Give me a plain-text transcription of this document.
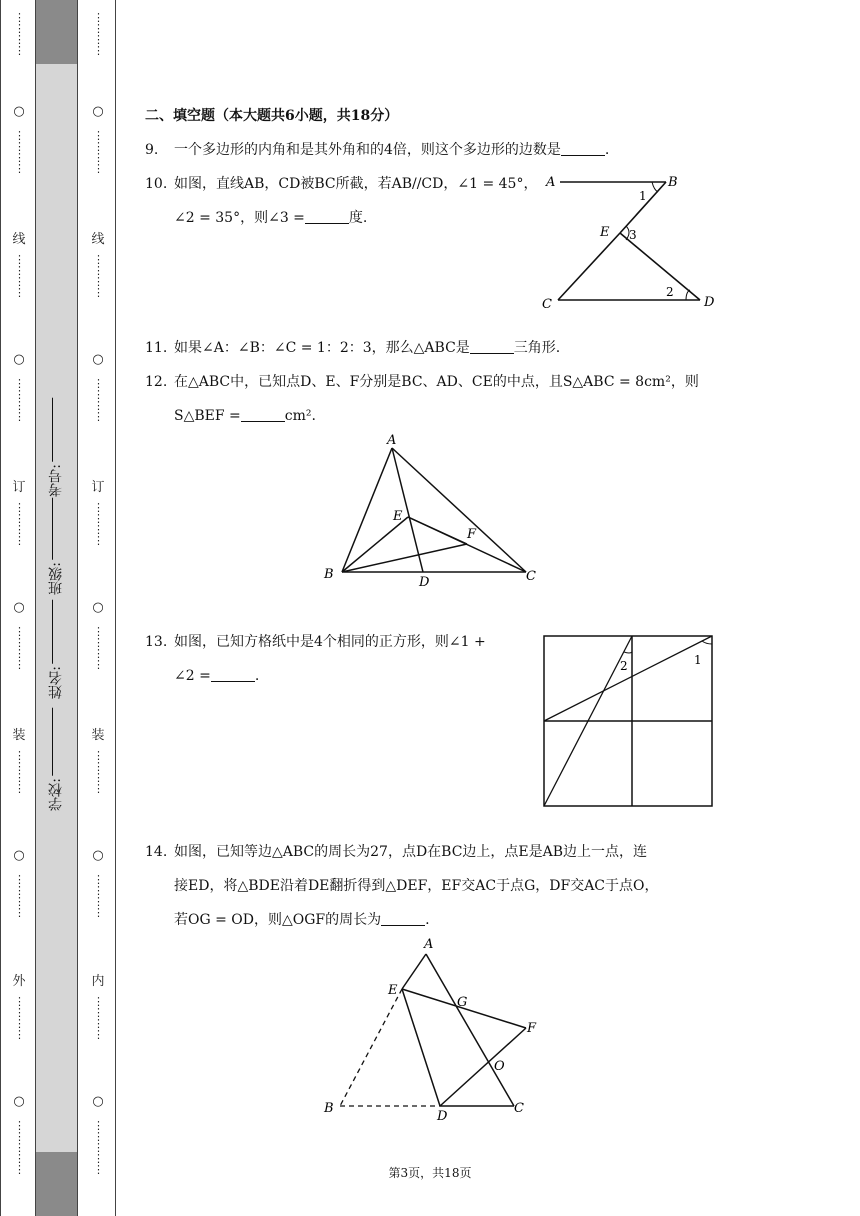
⋮
⋮
⋮
⋮
○
⋮
⋮
⋮
⋮
线
⋮
⋮
⋮
⋮
○
⋮
⋮
⋮
⋮
订
⋮
⋮
⋮
⋮
○
⋮
⋮
⋮
⋮
装
⋮
⋮
⋮
⋮
○
⋮
⋮
⋮
⋮
外
⋮
⋮
⋮
⋮
○
⋮
⋮
⋮
⋮
⋮
⋮
⋮
⋮
⋮
○
⋮
⋮
⋮
⋮
线
⋮
⋮
⋮
⋮
○
⋮
⋮
⋮
⋮
订
⋮
⋮
⋮
⋮
○
⋮
⋮
⋮
⋮
装
⋮
⋮
⋮
⋮
○
⋮
⋮
⋮
⋮
内
⋮
⋮
⋮
⋮
○
⋮
⋮
⋮
⋮
⋮
学校:
姓名:
班级:
考号:
二、填空题（本大题共6小题，共18分）
9. 一个多边形的内角和是其外角和的4倍，则这个多边形的边数是	.
10. 如图，直线AB，CD被BC所截，若AB//CD，∠1 = 45°，
∠2 = 35°，则∠3 =	度.
A	B
E
C	D
1
3
2
11. 如果∠A：∠B：∠C = 1：2：3，那么△ABC是	三角形.
12. 在△ABC中，已知点D、E、F分别是BC、AD、CE的中点，且S△ABC = 8cm²，则
S△BEF =	cm².
A
E
F
B
D	C
13. 如图，已知方格纸中是4个相同的正方形，则∠1 +
∠2 =	.
2	1
14. 如图，已知等边△ABC的周长为27，点D在BC边上，点E是AB边上一点，连
接ED，将△BDE沿着DE翻折得到△DEF，EF交AC于点G，DF交AC于点O，
若OG = OD，则△OGF的周长为	.
A
E
G
F
O
B
D
C
第3页，共18页
